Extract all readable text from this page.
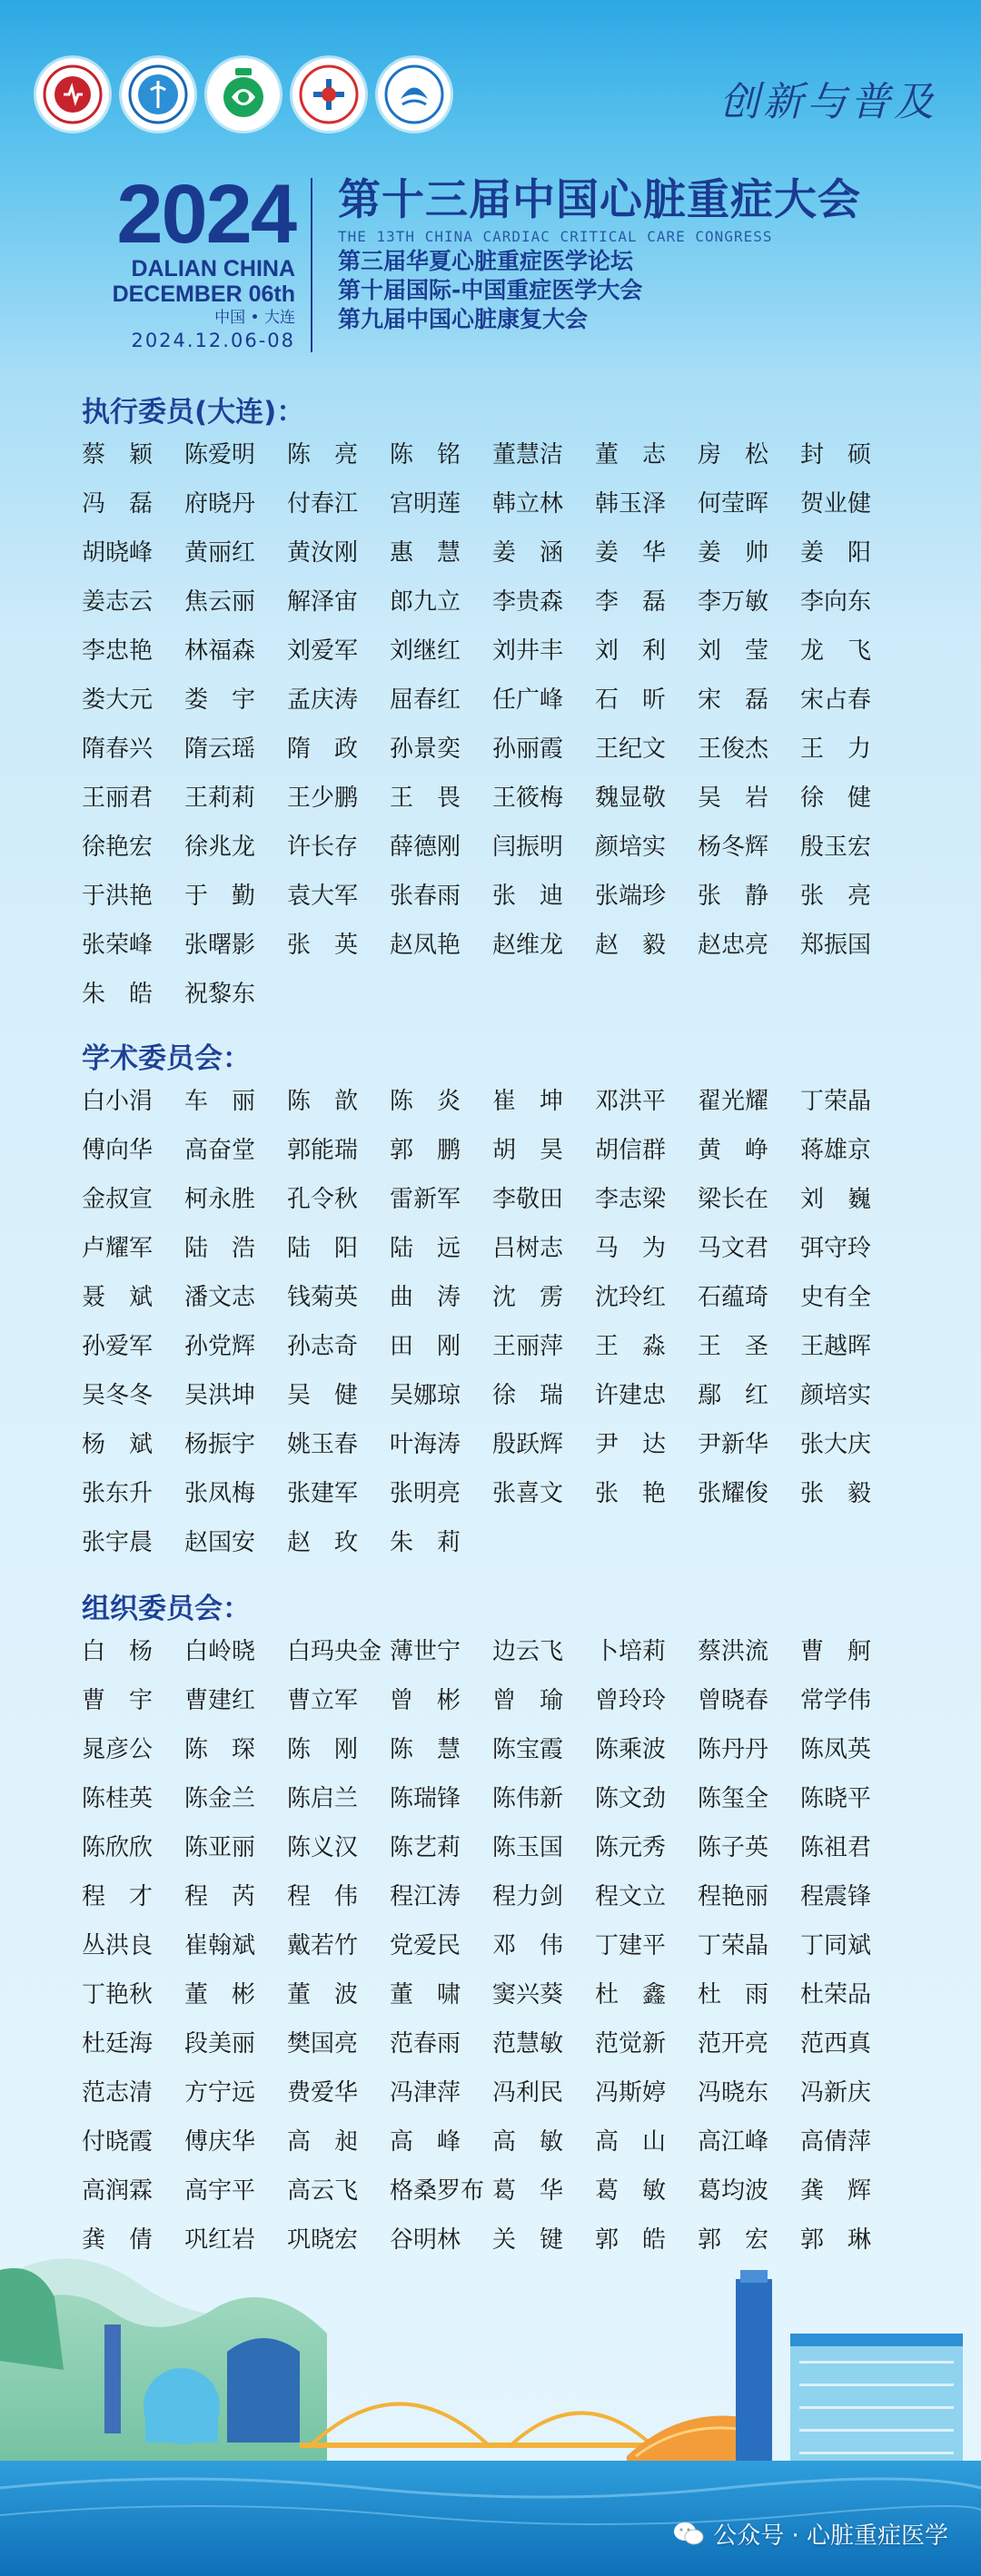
创新与普及
2024
DALIAN CHINA
DECEMBER 06th
中国 • 大连
2024.12.06-08
第十三届中国心脏重症大会
THE 13TH CHINA CARDIAC CRITICAL CARE CONGRESS
第三届华夏心脏重症医学论坛
第十届国际-中国重症医学大会
第九届中国心脏康复大会
执行委员(大连)：
蔡　颖	陈爱明	陈　亮	陈　铭	董慧洁	董　志	房　松	封　硕
冯　磊	府晓丹	付春江	宫明莲	韩立林	韩玉泽	何莹晖	贺业健
胡晓峰	黄丽红	黄汝刚	惠　慧	姜　涵	姜　华	姜　帅	姜　阳
姜志云	焦云丽	解泽宙	郎九立	李贵森	李　磊	李万敏	李向东
李忠艳	林福森	刘爱军	刘继红	刘井丰	刘　利	刘　莹	龙　飞
娄大元	娄　宇	孟庆涛	屈春红	任广峰	石　昕	宋　磊	宋占春
隋春兴	隋云瑶	隋　政	孙景奕	孙丽霞	王纪文	王俊杰	王　力
王丽君	王莉莉	王少鹏	王　畏	王筱梅	魏显敬	吴　岩	徐　健
徐艳宏	徐兆龙	许长存	薛德刚	闫振明	颜培实	杨冬辉	殷玉宏
于洪艳	于　勤	袁大军	张春雨	张　迪	张端珍	张　静	张　亮
张荣峰	张曙影	张　英	赵凤艳	赵维龙	赵　毅	赵忠亮	郑振国
朱　皓	祝黎东
学术委员会：
白小涓	车　丽	陈　歆	陈　炎	崔　坤	邓洪平	翟光耀	丁荣晶
傅向华	高奋堂	郭能瑞	郭　鹏	胡　昊	胡信群	黄　峥	蒋雄京
金叔宣	柯永胜	孔令秋	雷新军	李敬田	李志梁	梁长在	刘　巍
卢耀军	陆　浩	陆　阳	陆　远	吕树志	马　为	马文君	弭守玲
聂　斌	潘文志	钱菊英	曲　涛	沈　雳	沈玲红	石蕴琦	史有全
孙爱军	孙党辉	孙志奇	田　刚	王丽萍	王　淼	王　圣	王越晖
吴冬冬	吴洪坤	吴　健	吴娜琼	徐　瑞	许建忠	鄢　红	颜培实
杨　斌	杨振宇	姚玉春	叶海涛	殷跃辉	尹　达	尹新华	张大庆
张东升	张凤梅	张建军	张明亮	张喜文	张　艳	张耀俊	张　毅
张宇晨	赵国安	赵　玫	朱　莉
组织委员会：
白　杨	白岭晓	白玛央金 薄世宁	边云飞	卜培莉	蔡洪流	曹　舸
曹　宇	曹建红	曹立军	曾　彬	曾　瑜	曾玲玲	曾晓春	常学伟
晁彦公	陈　琛	陈　刚	陈　慧	陈宝霞	陈乘波	陈丹丹	陈凤英
陈桂英	陈金兰	陈启兰	陈瑞锋	陈伟新	陈文劲	陈玺全	陈晓平
陈欣欣	陈亚丽	陈义汉	陈艺莉	陈玉国	陈元秀	陈子英	陈祖君
程　才	程　芮	程　伟	程江涛	程力剑	程文立	程艳丽	程震锋
丛洪良	崔翰斌	戴若竹	党爱民	邓　伟	丁建平	丁荣晶	丁同斌
丁艳秋	董　彬	董　波	董　啸	窦兴葵	杜　鑫	杜　雨	杜荣品
杜廷海	段美丽	樊国亮	范春雨	范慧敏	范觉新	范开亮	范西真
范志清	方宁远	费爱华	冯津萍	冯利民	冯斯婷	冯晓东	冯新庆
付晓霞	傅庆华	高　昶	高　峰	高　敏	高　山	高江峰	高倩萍
高润霖	高宇平	高云飞	格桑罗布 葛　华	葛　敏	葛均波	龚　辉
龚　倩	巩红岩	巩晓宏	谷明林	关　键	郭　皓	郭　宏	郭　琳
公众号 · 心脏重症医学
